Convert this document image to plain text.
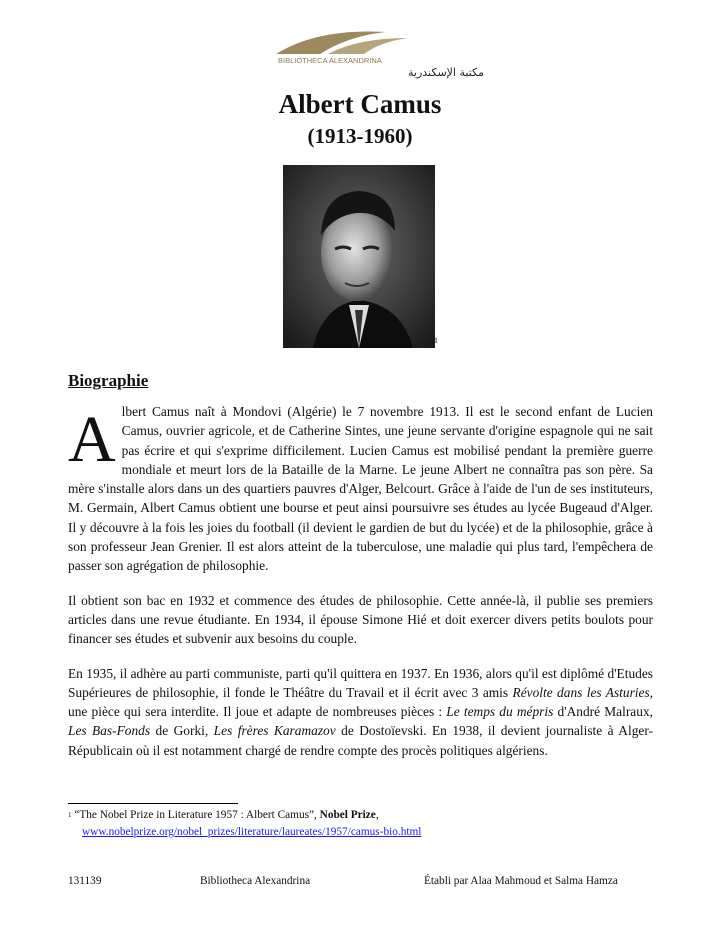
BIBLIOTHECA ALEXANDRINA
مكتبة الإسكندرية
Albert Camus
(1913-1960)
1
Biographie

Albert Camus naît à Mondovi (Algérie) le 7 novembre 1913. Il est le second enfant de Lucien Camus, ouvrier agricole, et de Catherine Sintes, une jeune servante d'origine espagnole qui ne sait pas écrire et qui s'exprime difficilement. Lucien Camus est mobilisé pendant la première guerre mondiale et meurt lors de la Bataille de la Marne. Le jeune Albert ne connaîtra pas son père. Sa mère s'installe alors dans un des quartiers pauvres d'Alger, Belcourt. Grâce à l'aide de l'un de ses instituteurs, M. Germain, Albert Camus obtient une bourse et peut ainsi poursuivre ses études au lycée Bugeaud d'Alger. Il y découvre à la fois les joies du football (il devient le gardien de but du lycée) et de la philosophie, grâce à son professeur Jean Grenier. Il est alors atteint de la tuberculose, une maladie qui plus tard, l'empêchera de passer son agrégation de philosophie.

Il obtient son bac en 1932 et commence des études de philosophie. Cette année-là, il publie ses premiers articles dans une revue étudiante. En 1934, il épouse Simone Hié et doit exercer divers petits boulots pour financer ses études et subvenir aux besoins du couple.

En 1935, il adhère au parti communiste, parti qu'il quittera en 1937. En 1936, alors qu'il est diplômé d'Etudes Supérieures de philosophie, il fonde le Théâtre du Travail et il écrit avec 3 amis Révolte dans les Asturies, une pièce qui sera interdite. Il joue et adapte de nombreuses pièces : Le temps du mépris d'André Malraux, Les Bas-Fonds de Gorki, Les frères Karamazov de Dostoïevski. En 1938, il devient journaliste à Alger-Républicain où il est notamment chargé de rendre compte des procès politiques algériens.

$^1$ “The Nobel Prize in Literature 1957 : Albert Camus”, Nobel Prize,
www.nobelprize.org/nobel_prizes/literature/laureates/1957/camus-bio.html
131139	Bibliotheca Alexandrina	Établi par Alaa Mahmoud et Salma Hamza
